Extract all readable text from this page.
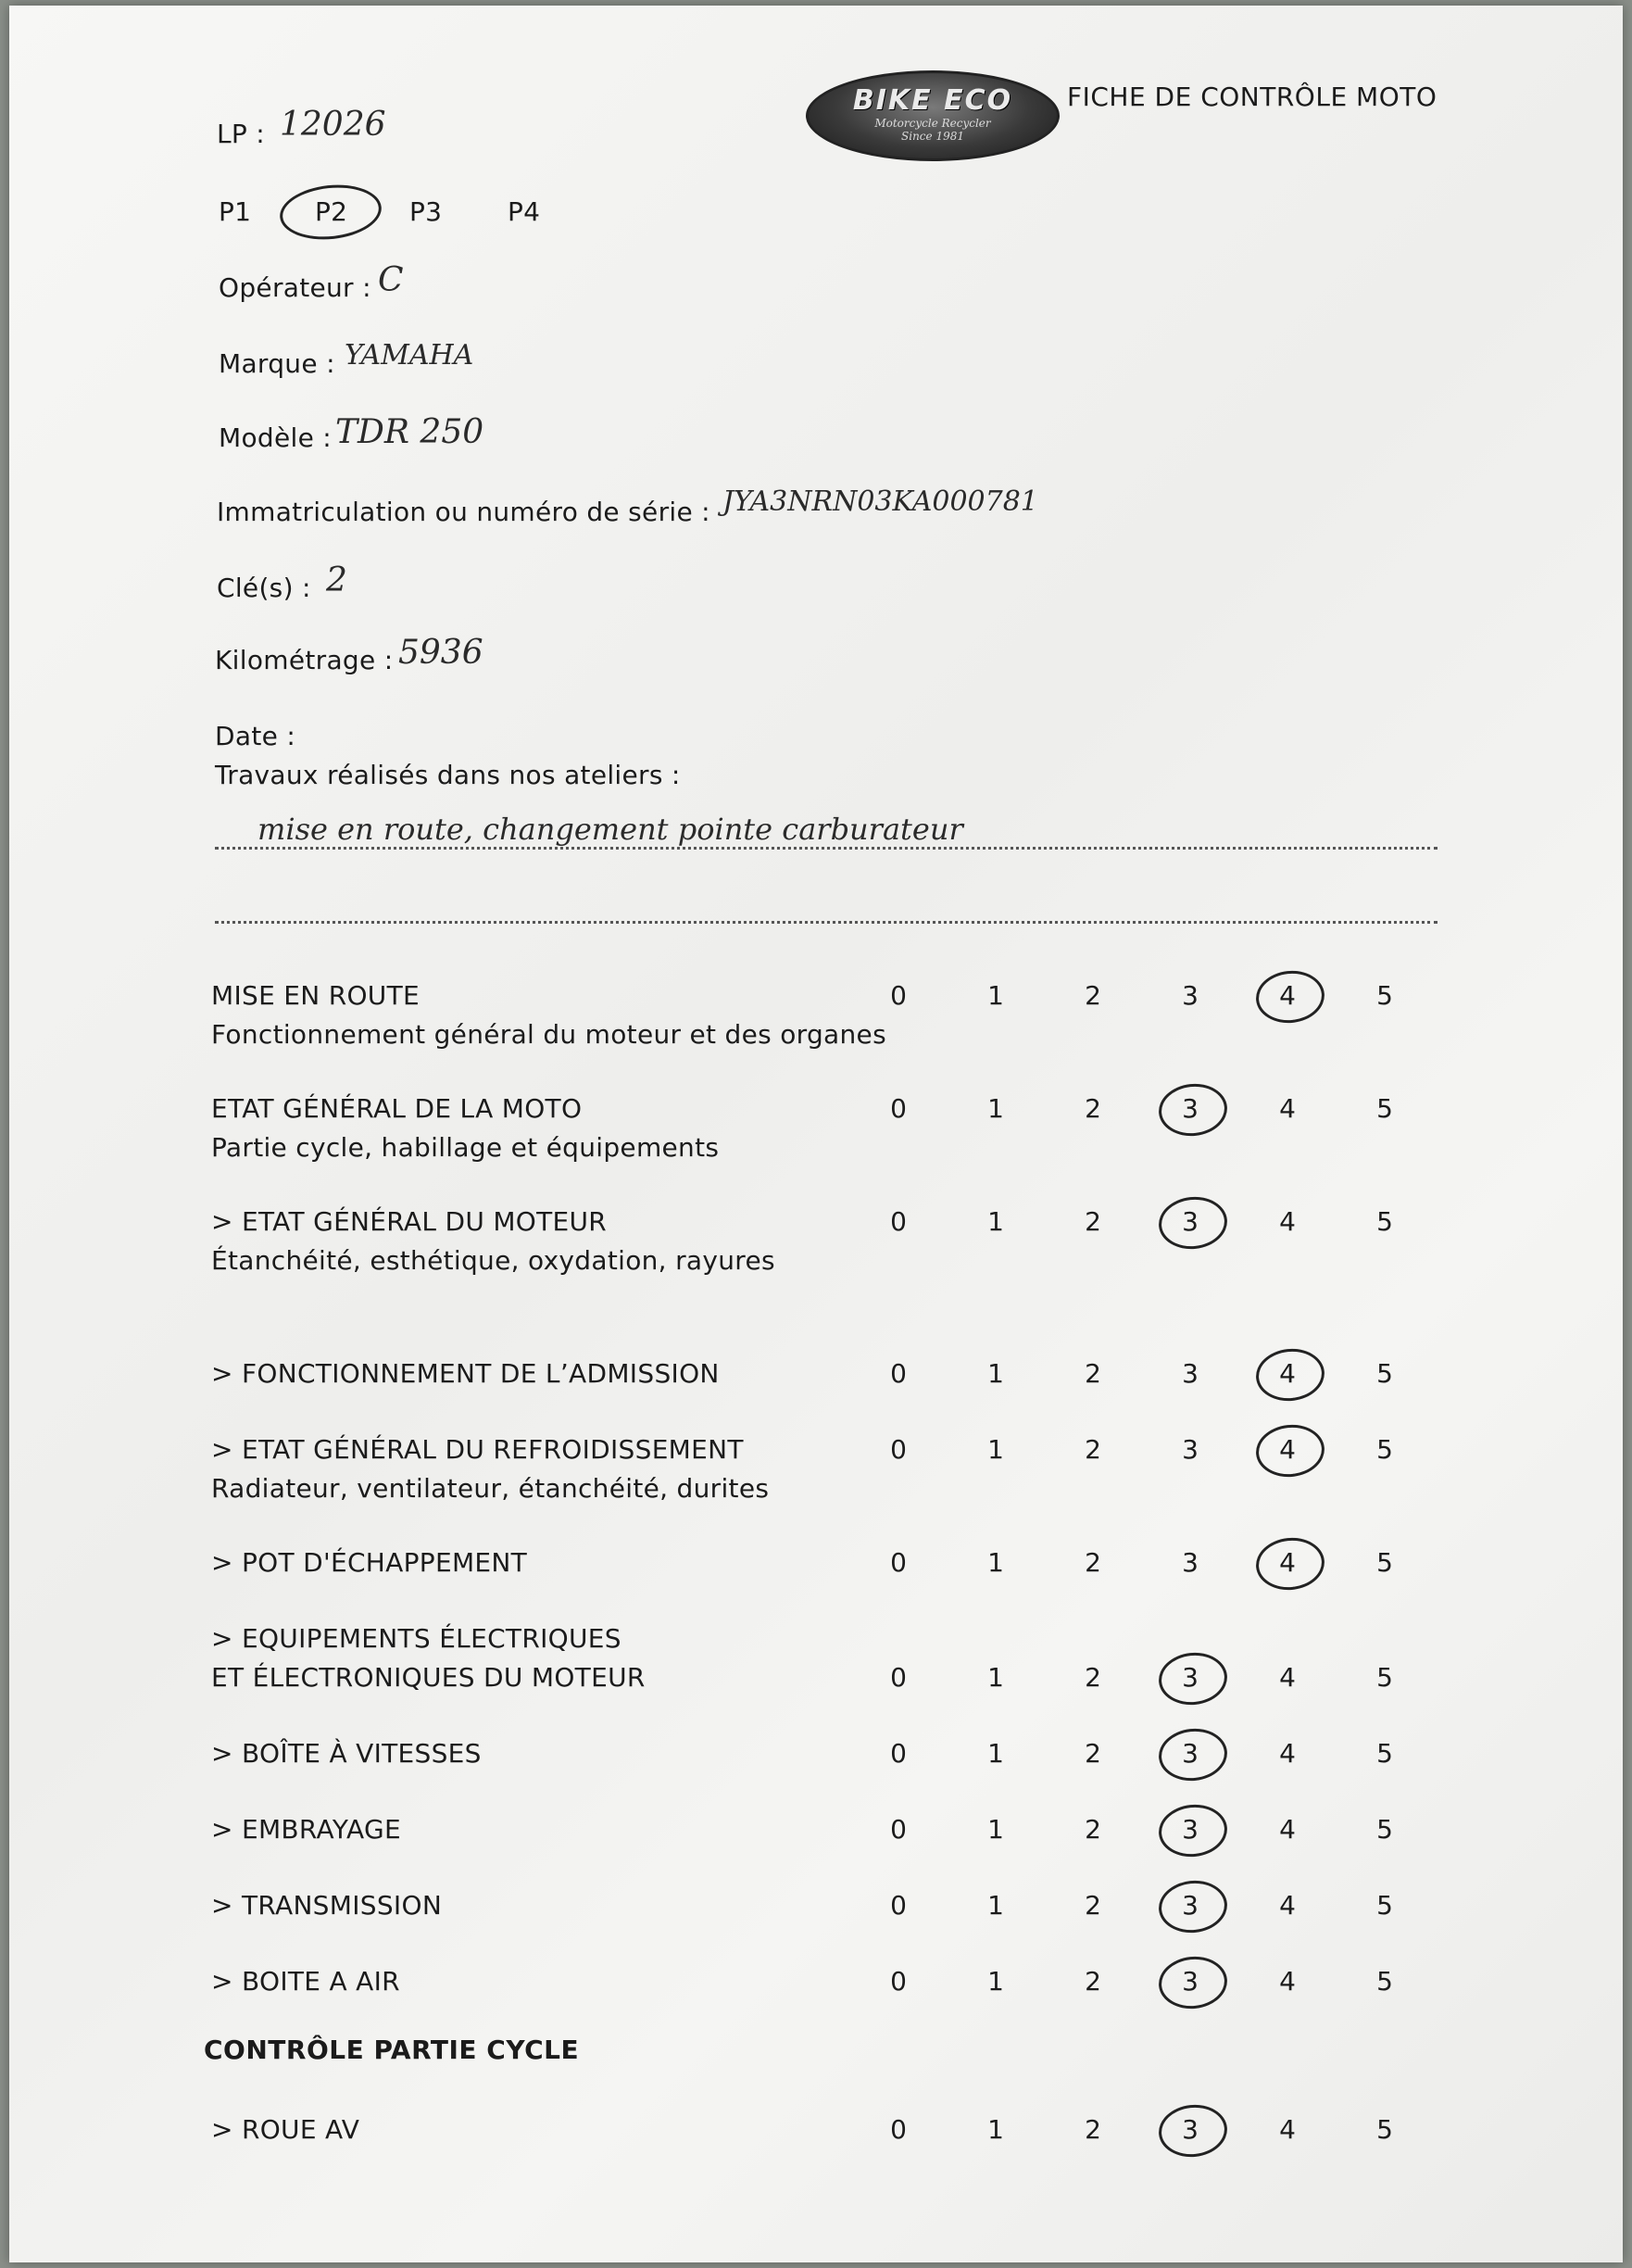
BIKE ECO
Motorcycle Recycler
Since 1981
FICHE DE CONTRÔLE MOTO
LP : 12026
P1 P2 P3	P4
Opérateur : C
Marque : YAMAHA
Modèle : TDR 250
Immatriculation ou numéro de série : JYA3NRN03KA000781
Clé(s) : 2
Kilométrage : 5936
Date :
Travaux réalisés dans nos ateliers :
mise en route, changement pointe carburateur
MISE EN ROUTE
Fonctionnement général du moteur et des organes
0	1	2	3	4	5
ETAT GÉNÉRAL DE LA MOTO
Partie cycle, habillage et équipements
0	1	2	3	4	5
> ETAT GÉNÉRAL DU MOTEUR
Étanchéité, esthétique, oxydation, rayures
0	1	2	3	4	5
> FONCTIONNEMENT DE L’ADMISSION	0	1	2	3	4	5
> ETAT GÉNÉRAL DU REFROIDISSEMENT
Radiateur, ventilateur, étanchéité, durites
0	1	2	3	4	5
> POT D'ÉCHAPPEMENT	0	1	2	3	4	5
> EQUIPEMENTS ÉLECTRIQUES
ET ÉLECTRONIQUES DU MOTEUR	0	1	2	3	4	5
> BOÎTE À VITESSES	0	1	2	3	4	5
> EMBRAYAGE	0	1	2	3	4	5
> TRANSMISSION	0	1	2	3	4	5
> BOITE A AIR	0	1	2	3	4	5
CONTRÔLE PARTIE CYCLE
> ROUE AV	0	1	2	3	4	5
